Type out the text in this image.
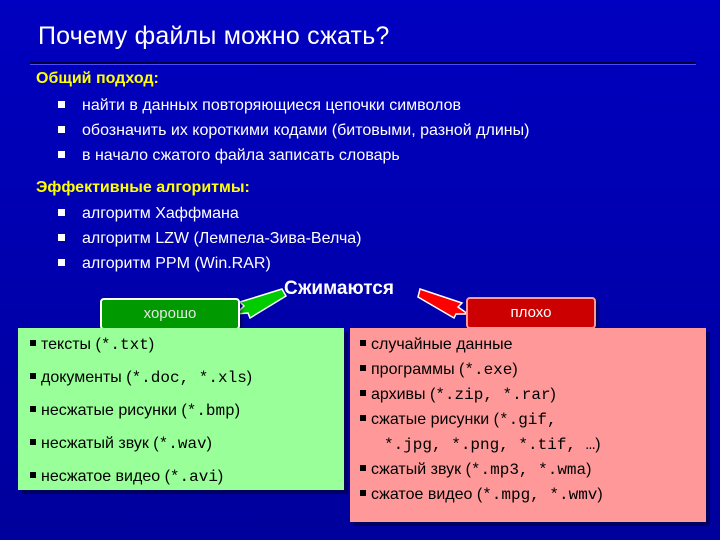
Почему файлы можно сжать?
Общий подход:
найти в данных повторяющиеся цепочки символов
обозначить их короткими кодами (битовыми, разной длины)
в начало сжатого файла записать словарь
Эффективные алгоритмы:
алгоритм Хаффмана
алгоритм LZW (Лемпела-Зива-Велча)
алгоритм PPM (Win.RAR)
Сжимаются
хорошо	плохо
тексты (*.txt)
документы (*.doc, *.xls)
несжатые рисунки (*.bmp)
несжатый звук (*.wav)
несжатое видео (*.avi)
случайные данные
программы (*.exe)
архивы (*.zip, *.rar)
сжатые рисунки (*.gif,
*.jpg, *.png, *.tif, …)
сжатый звук (*.mp3, *.wma)
сжатое видео (*.mpg, *.wmv)
